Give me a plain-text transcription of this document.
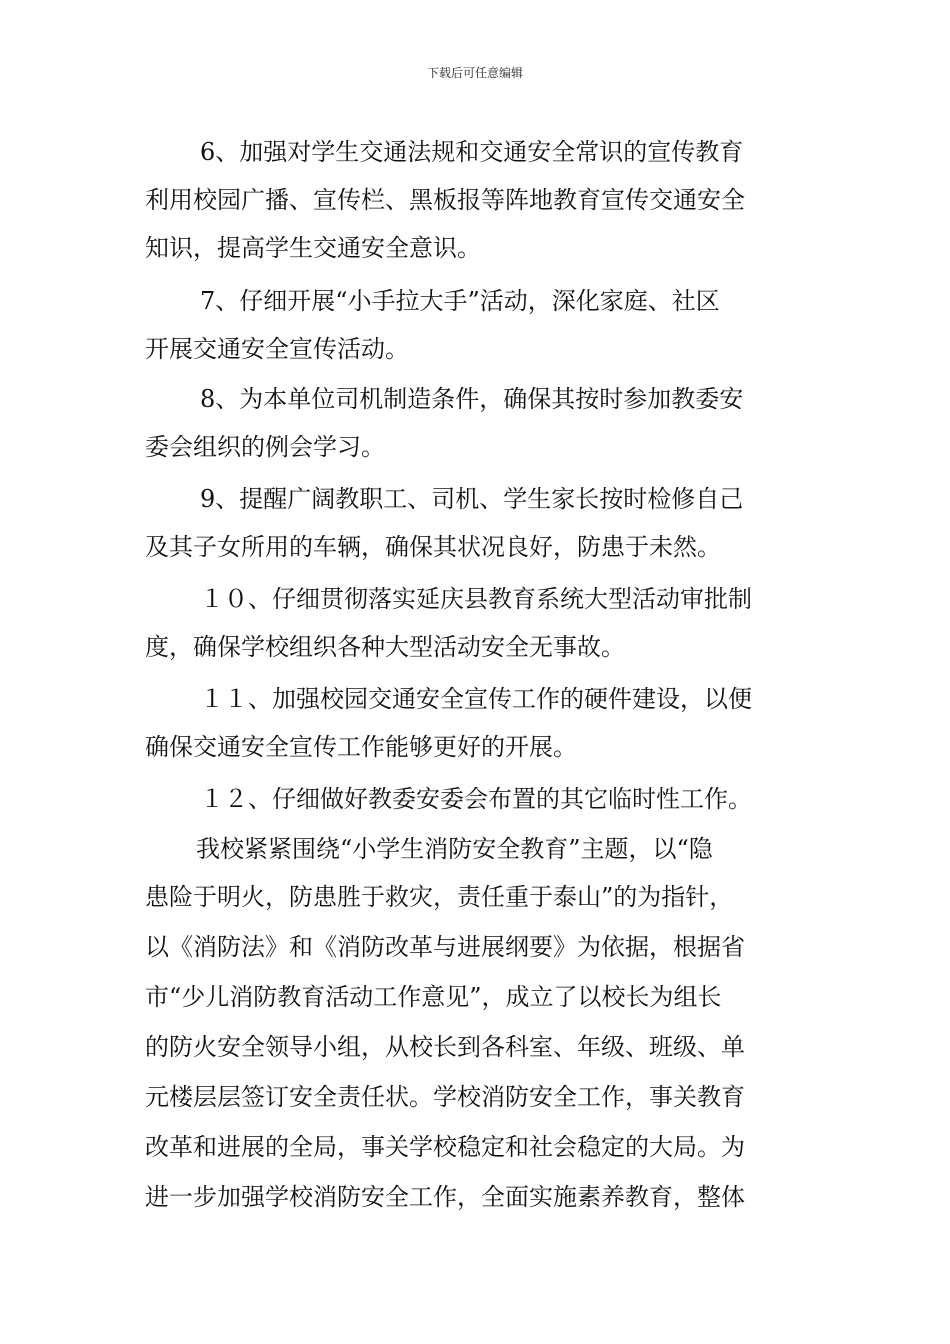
下载后可任意编辑
6、加强对学生交通法规和交通安全常识的宣传教育
利用校园广播、宣传栏、黑板报等阵地教育宣传交通安全
知识，提高学生交通安全意识。
7、仔细开展“小手拉大手”活动，深化家庭、社区
开展交通安全宣传活动。
8、为本单位司机制造条件，确保其按时参加教委安
委会组织的例会学习。
9、提醒广阔教职工、司机、学生家长按时检修自己
及其子女所用的车辆，确保其状况良好，防患于未然。
１０、仔细贯彻落实延庆县教育系统大型活动审批制
度，确保学校组织各种大型活动安全无事故。
１１、加强校园交通安全宣传工作的硬件建设，以便
确保交通安全宣传工作能够更好的开展。
１２、仔细做好教委安委会布置的其它临时性工作。
我校紧紧围绕“小学生消防安全教育”主题，以“隐
患险于明火，防患胜于救灾，责任重于泰山”的为指针，
以《消防法》和《消防改革与进展纲要》为依据，根据省
市“少儿消防教育活动工作意见”，成立了以校长为组长
的防火安全领导小组，从校长到各科室、年级、班级、单
元楼层层签订安全责任状。学校消防安全工作，事关教育
改革和进展的全局，事关学校稳定和社会稳定的大局。为
进一步加强学校消防安全工作，全面实施素养教育，整体
